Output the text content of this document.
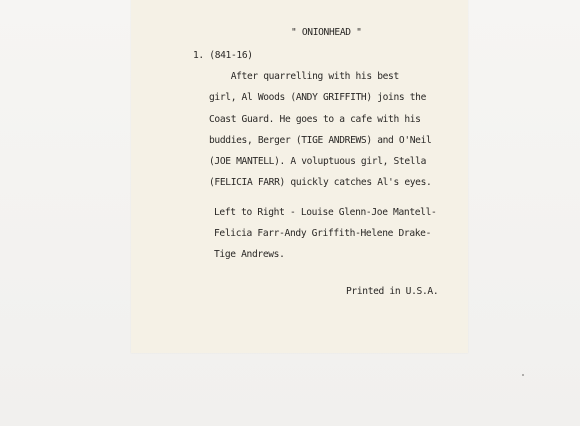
" ONIONHEAD "
1. (841-16)
After quarrelling with his best
girl, Al Woods (ANDY GRIFFITH) joins the
Coast Guard. He goes to a cafe with his
buddies, Berger (TIGE ANDREWS) and O'Neil
(JOE MANTELL). A voluptuous girl, Stella
(FELICIA FARR) quickly catches Al's eyes.
Left to Right - Louise Glenn-Joe Mantell-
Felicia Farr-Andy Griffith-Helene Drake-
Tige Andrews.
Printed in U.S.A.
